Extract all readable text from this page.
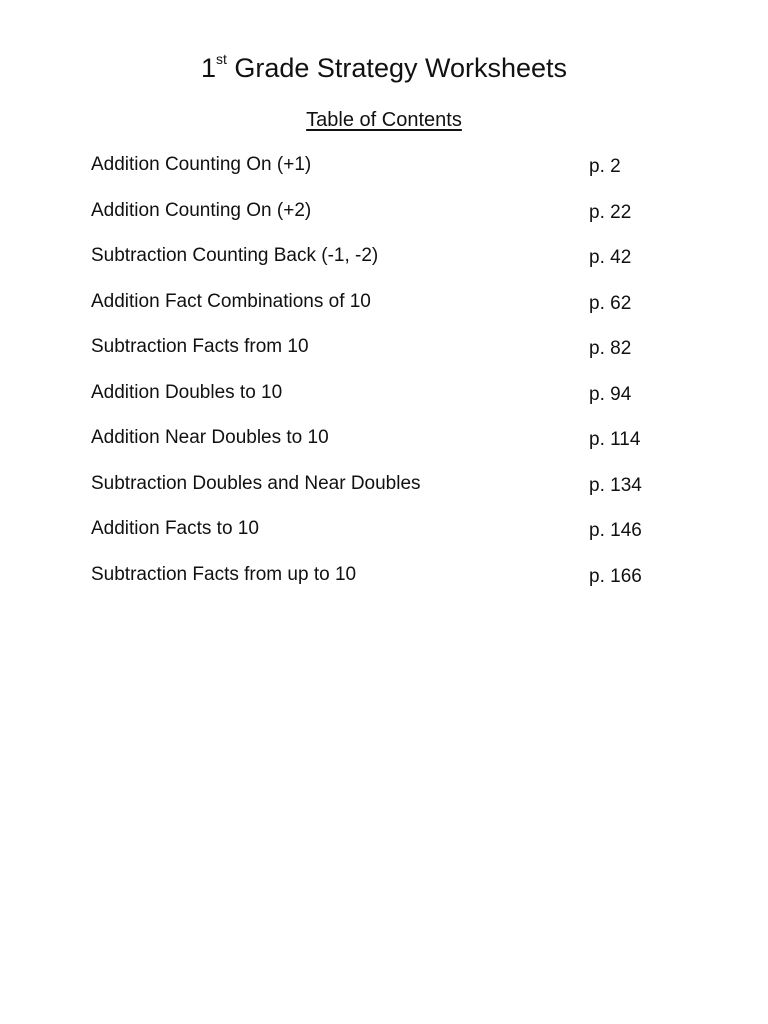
1st Grade Strategy Worksheets
Table of Contents
Addition Counting On (+1)	p. 2
Addition Counting On (+2)	p. 22
Subtraction Counting Back (-1, -2)	p. 42
Addition Fact Combinations of 10	p. 62
Subtraction Facts from 10	p. 82
Addition Doubles to 10	p. 94
Addition Near Doubles to 10	p. 114
Subtraction Doubles and Near Doubles	p. 134
Addition Facts to 10	p. 146
Subtraction Facts from up to 10	p. 166
